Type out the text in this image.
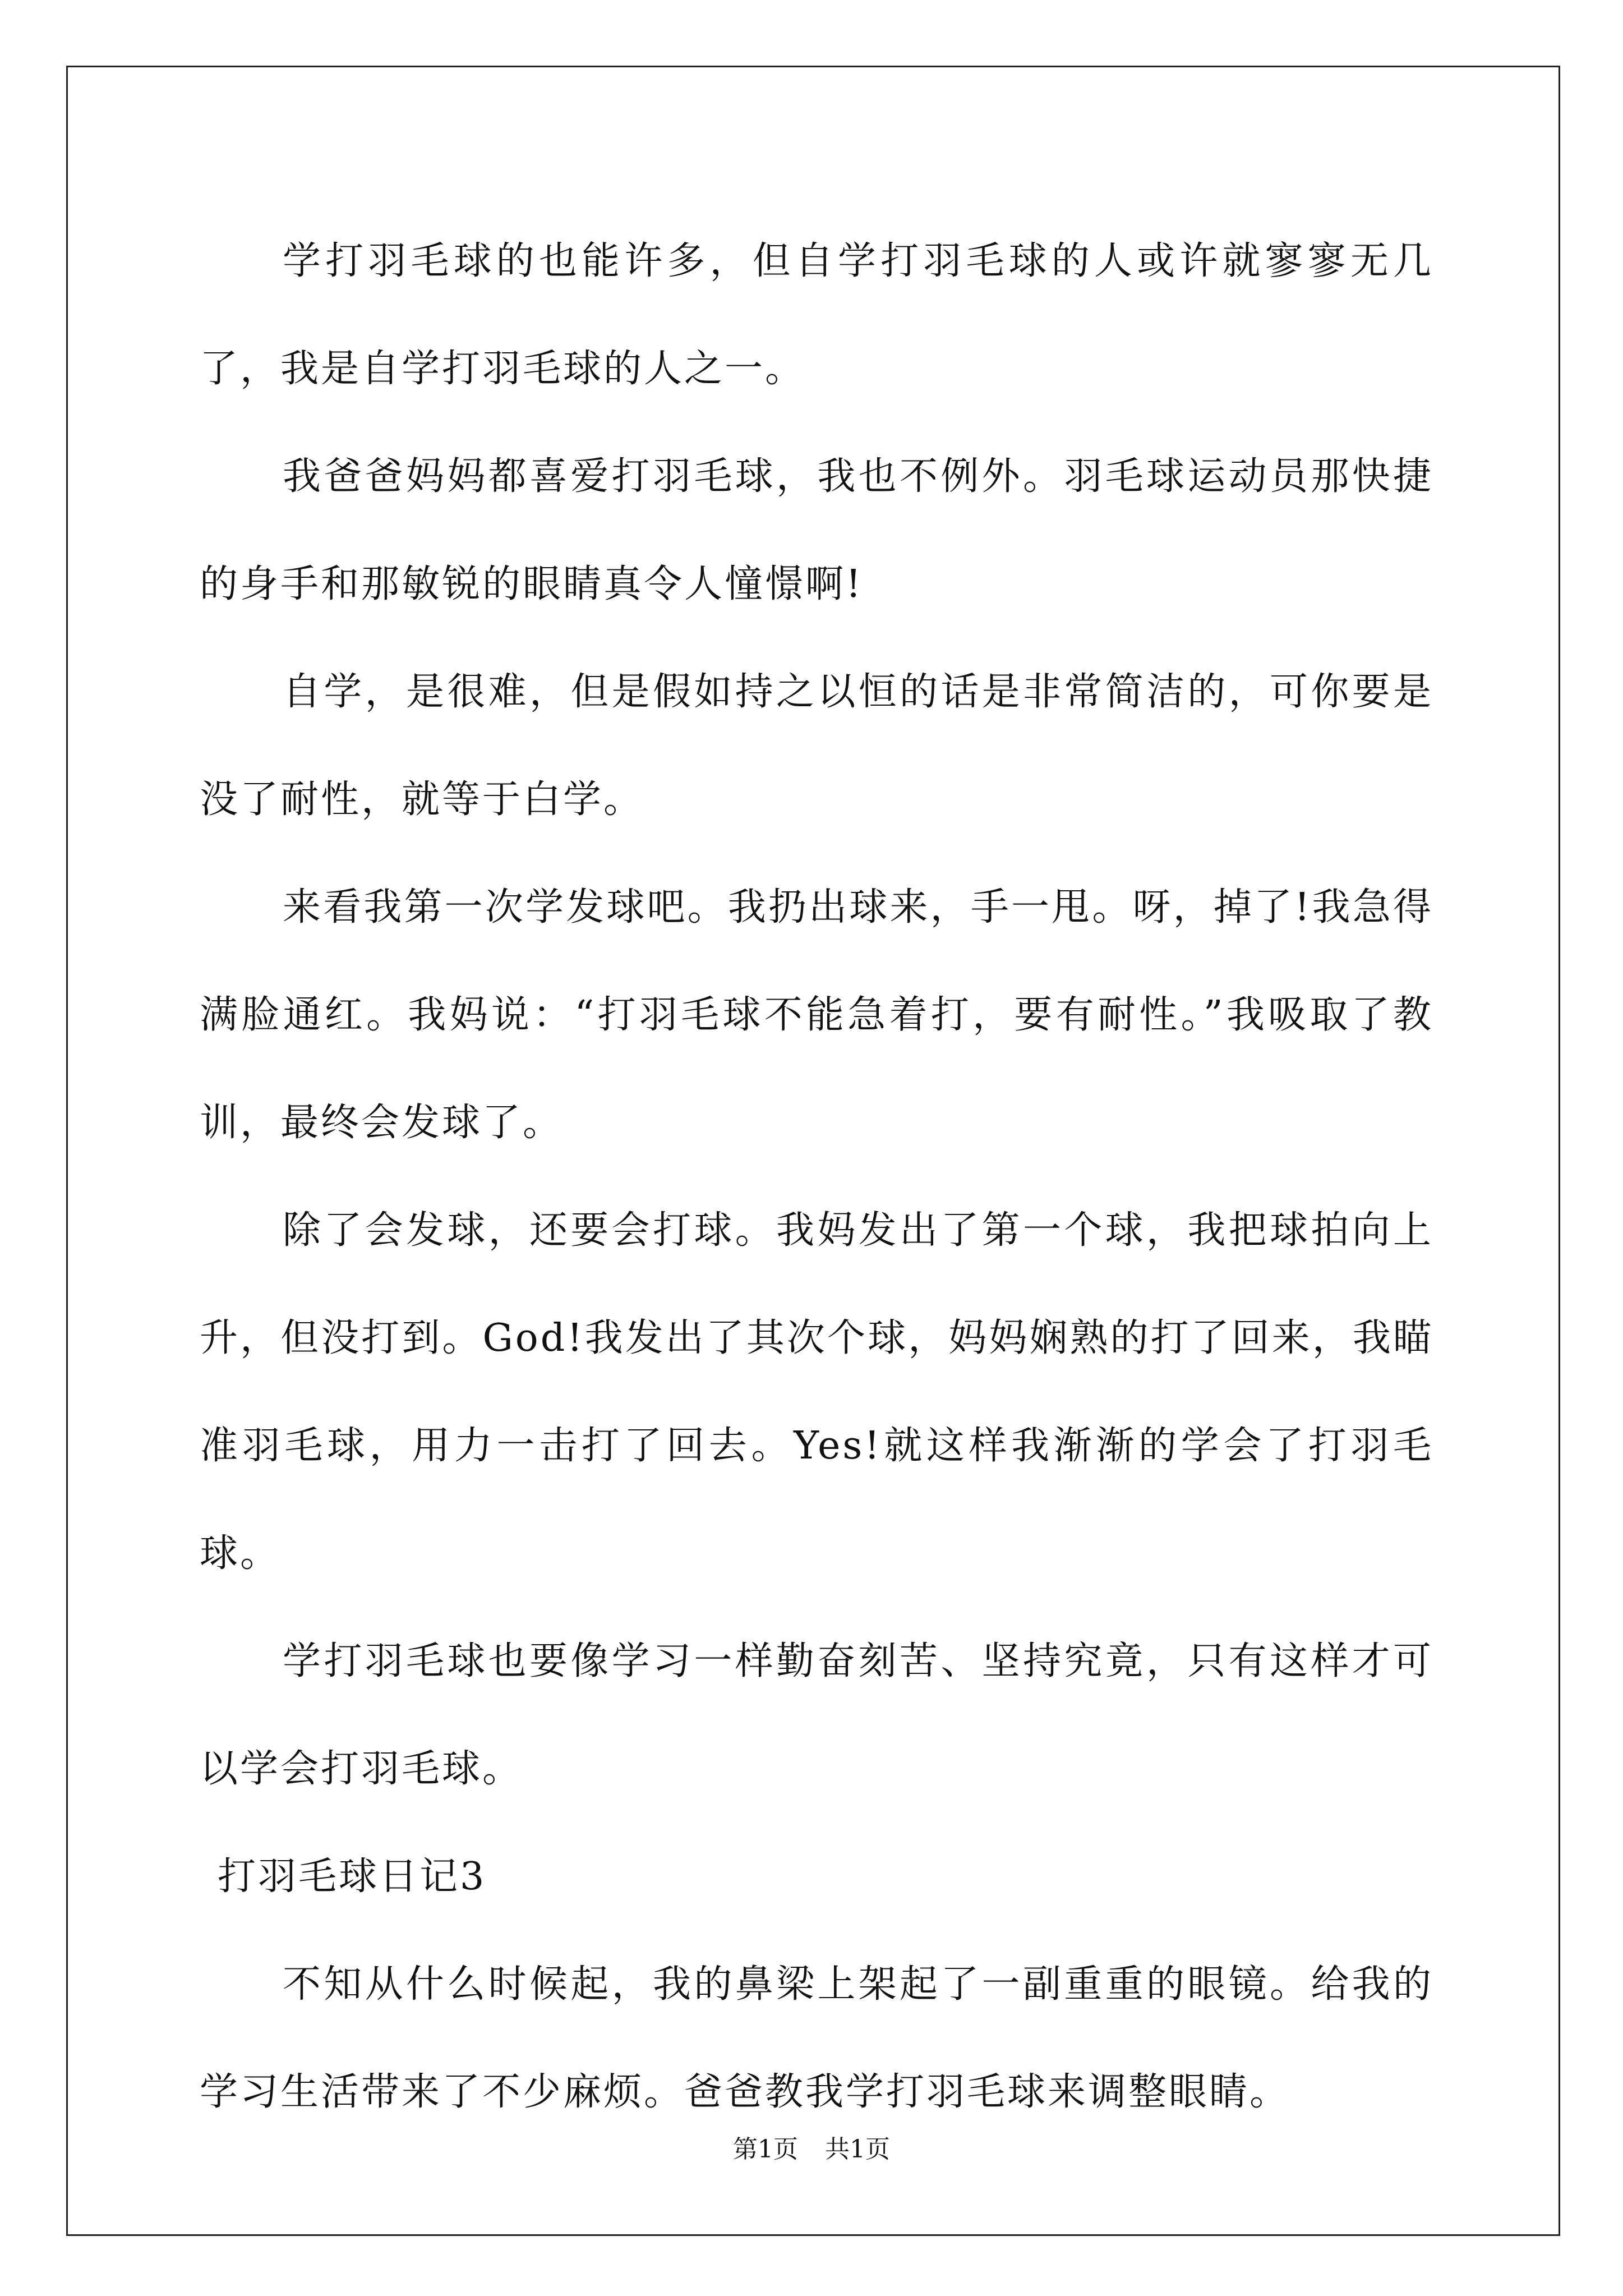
学打羽毛球的也能许多，但自学打羽毛球的人或许就寥寥无几了，我是自学打羽毛球的人之一。

我爸爸妈妈都喜爱打羽毛球，我也不例外。羽毛球运动员那快捷的身手和那敏锐的眼睛真令人憧憬啊!

自学，是很难，但是假如持之以恒的话是非常简洁的，可你要是没了耐性，就等于白学。

来看我第一次学发球吧。我扔出球来，手一甩。呀，掉了!我急得满脸通红。我妈说：“打羽毛球不能急着打，要有耐性。”我吸取了教训，最终会发球了。

除了会发球，还要会打球。我妈发出了第一个球，我把球拍向上升，但没打到。God!我发出了其次个球，妈妈娴熟的打了回来，我瞄准羽毛球，用力一击打了回去。Yes!就这样我渐渐的学会了打羽毛球。

学打羽毛球也要像学习一样勤奋刻苦、坚持究竟，只有这样才可以学会打羽毛球。

打羽毛球日记3

不知从什么时候起，我的鼻梁上架起了一副重重的眼镜。给我的学习生活带来了不少麻烦。爸爸教我学打羽毛球来调整眼睛。

第1页 共1页
